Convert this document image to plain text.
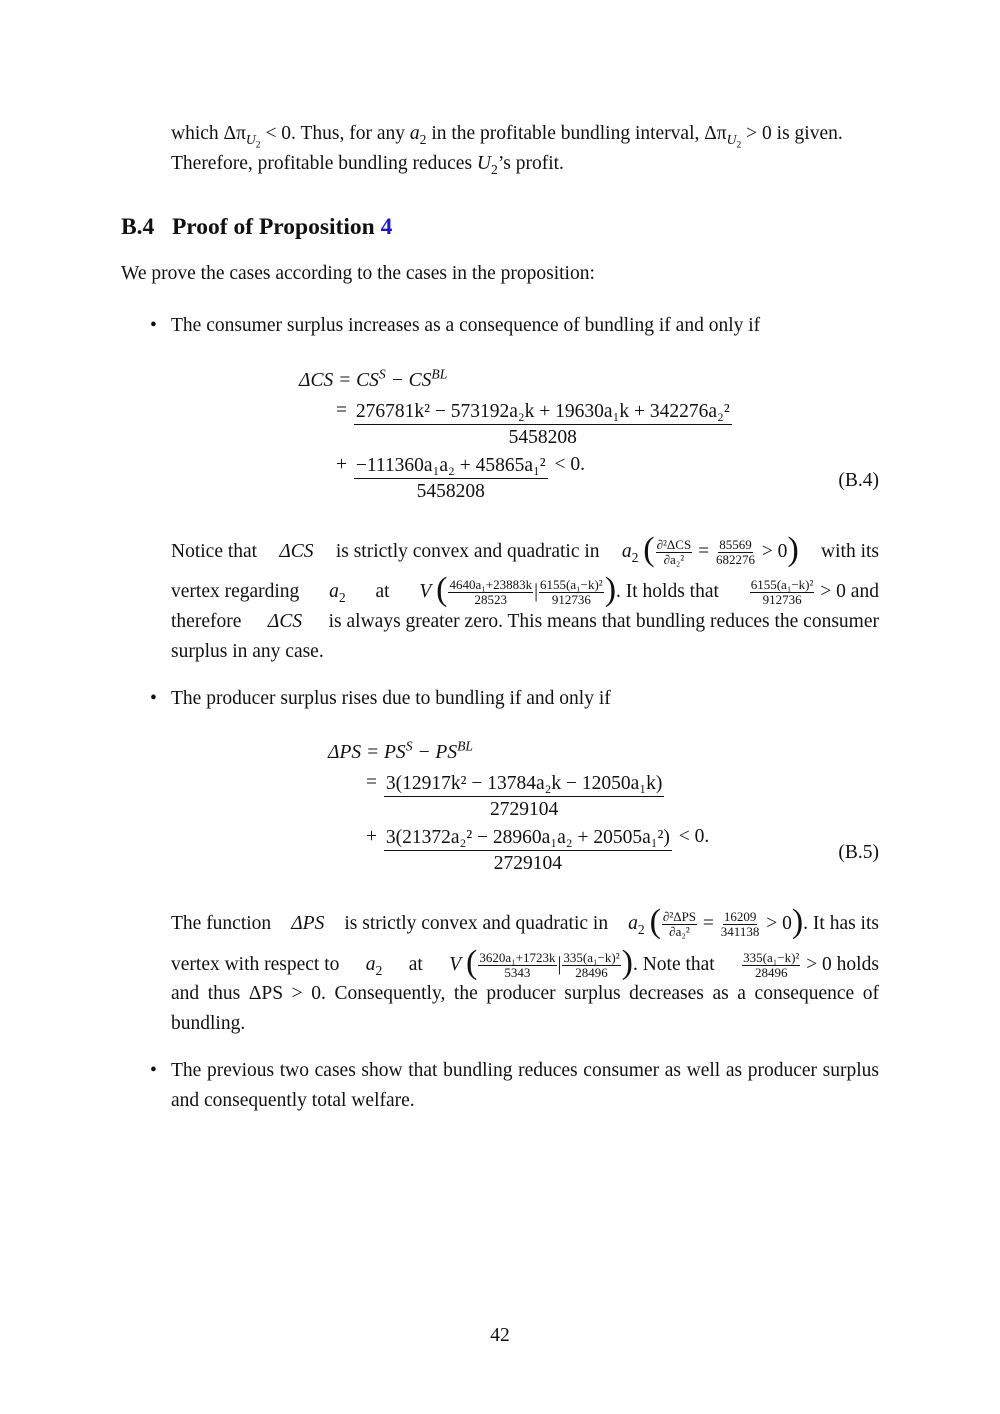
which $\Delta\pi_{U_2} < 0$. Thus, for any $a_2$ in the profitable bundling interval, $\Delta\pi_{U_2} > 0$ is given.
Therefore, profitable bundling reduces $U_2’s$ profit.
B.4 Proof of Proposition 4
We prove the cases according to the cases in the proposition:
• The consumer surplus increases as a consequence of bundling if and only if
$\Delta CS = CS^S - CS^{BL}$
= $\frac{\text{276781k² − 573192a₂k + 19630a₁k + 342276a₂²}}{5458208}$
+ $\frac{\text{−111360a₁a₂ + 45865a₁²}}{5458208} < 0$.
(B.4)
Notice that ΔCS is strictly convex and quadratic in $a_2$ ( $\frac{\text{∂²ΔCS}}{\text{∂a₂²}} = \frac{85569}{682276} > 0$) with its
vertex regarding $a_2$ at V ( $\frac{\text{4640a₁+23883k}}{28523}$ | $\frac{\text{6155(a₁−k)²}}{912736}$ ). It holds that $\frac{\text{6155(a₁−k)²}}{912736} > 0$ and
therefore ΔCS is always greater zero. This means that bundling reduces the consumer
surplus in any case.
• The producer surplus rises due to bundling if and only if
$\Delta PS = PS^S - PS^{BL}$
= $\frac{\text{3(12917k² − 13784a₂k − 12050a₁k)}}{2729104}$
+ $\frac{\text{3(21372a₂² − 28960a₁a₂ + 20505a₁²)}}{2729104} < 0$.
(B.5)
The function ΔPS is strictly convex and quadratic in $a_2$ ( $\frac{\text{∂²ΔPS}}{\text{∂a₂²}} = \frac{16209}{341138} > 0$). It has its
vertex with respect to $a_2$ at V ( $\frac{\text{3620a₁+1723k}}{5343}$ | $\frac{\text{335(a₁−k)²}}{28496}$ ). Note that $\frac{\text{335(a₁−k)²}}{28496} > 0$ holds
and thus ΔPS > 0. Consequently, the producer surplus decreases as a consequence of
bundling.
• The previous two cases show that bundling reduces consumer as well as producer surplus
and consequently total welfare.
42
